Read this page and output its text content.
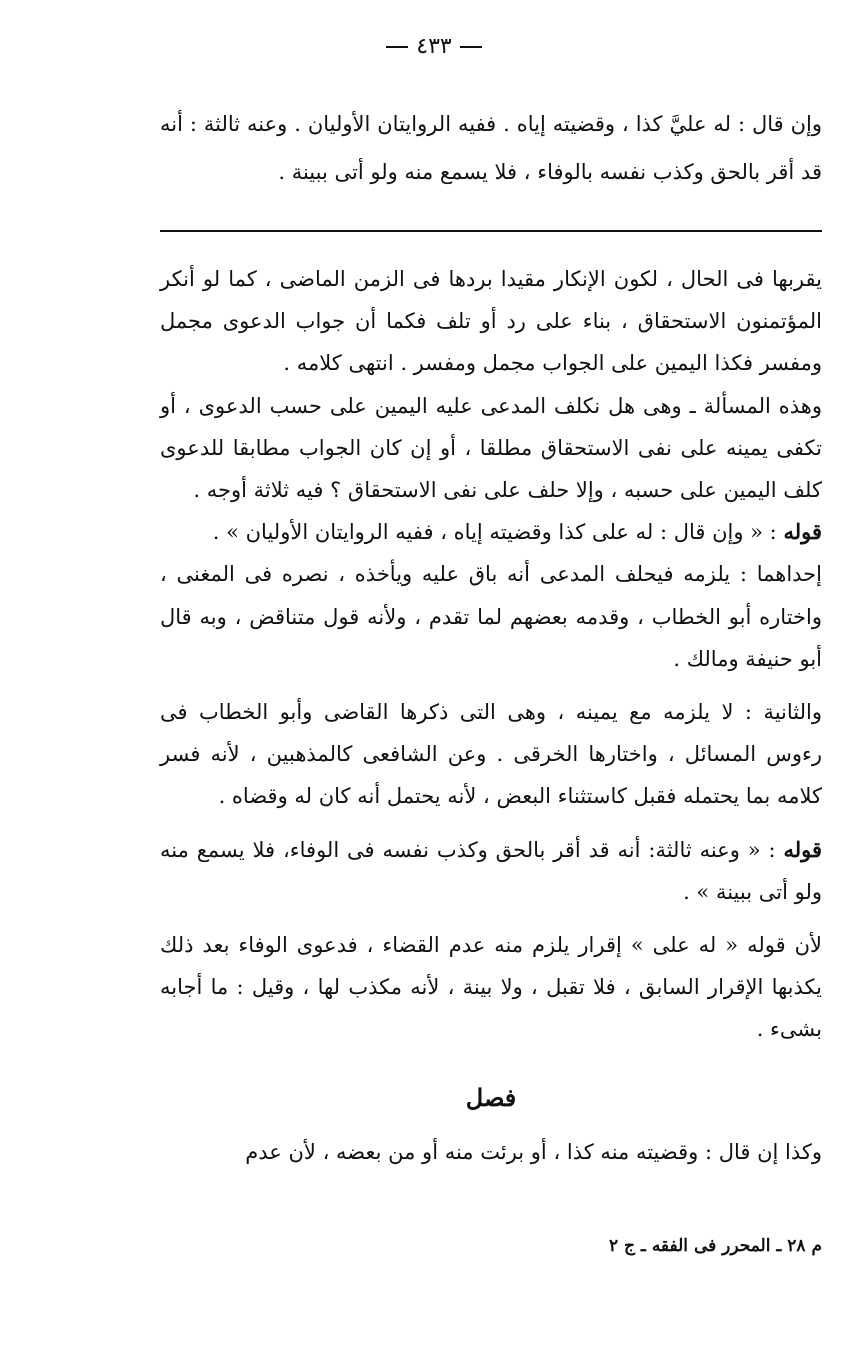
٤٣٣
وإن قال : له عليَّ كذا ، وقضيته إياه . ففيه الروايتان الأوليان . وعنه ثالثة : أنه قد أقر بالحق وكذب نفسه بالوفاء ، فلا يسمع منه ولو أتى ببينة .

يقربها فى الحال ، لكون الإنكار مقيدا بردها فى الزمن الماضى ، كما لو أنكر المؤتمنون الاستحقاق ، بناء على رد أو تلف فكما أن جواب الدعوى مجمل ومفسر فكذا اليمين على الجواب مجمل ومفسر . انتهى كلامه .

وهذه المسألة ـ وهى هل نكلف المدعى عليه اليمين على حسب الدعوى ، أو تكفى يمينه على نفى الاستحقاق مطلقا ، أو إن كان الجواب مطابقا للدعوى كلف اليمين على حسبه ، وإلا حلف على نفى الاستحقاق ؟ فيه ثلاثة أوجه .

قوله : « وإن قال : له على كذا وقضيته إياه ، ففيه الروايتان الأوليان » .

إحداهما : يلزمه فيحلف المدعى أنه باق عليه ويأخذه ، نصره فى المغنى ، واختاره أبو الخطاب ، وقدمه بعضهم لما تقدم ، ولأنه قول متناقض ، وبه قال أبو حنيفة ومالك .

والثانية : لا يلزمه مع يمينه ، وهى التى ذكرها القاضى وأبو الخطاب فى رءوس المسائل ، واختارها الخرقى . وعن الشافعى كالمذهبين ، لأنه فسر كلامه بما يحتمله فقبل كاستثناء البعض ، لأنه يحتمل أنه كان له وقضاه .

قوله : « وعنه ثالثة: أنه قد أقر بالحق وكذب نفسه فى الوفاء، فلا يسمع منه ولو أتى ببينة » .

لأن قوله « له على » إقرار يلزم منه عدم القضاء ، فدعوى الوفاء بعد ذلك يكذبها الإقرار السابق ، فلا تقبل ، ولا بينة ، لأنه مكذب لها ، وقيل : ما أجابه بشىء .

فصل

وكذا إن قال : وقضيته منه كذا ، أو برئت منه أو من بعضه ، لأن عدم

م ٢٨ ـ المحرر فى الفقه ـ ج ٢
